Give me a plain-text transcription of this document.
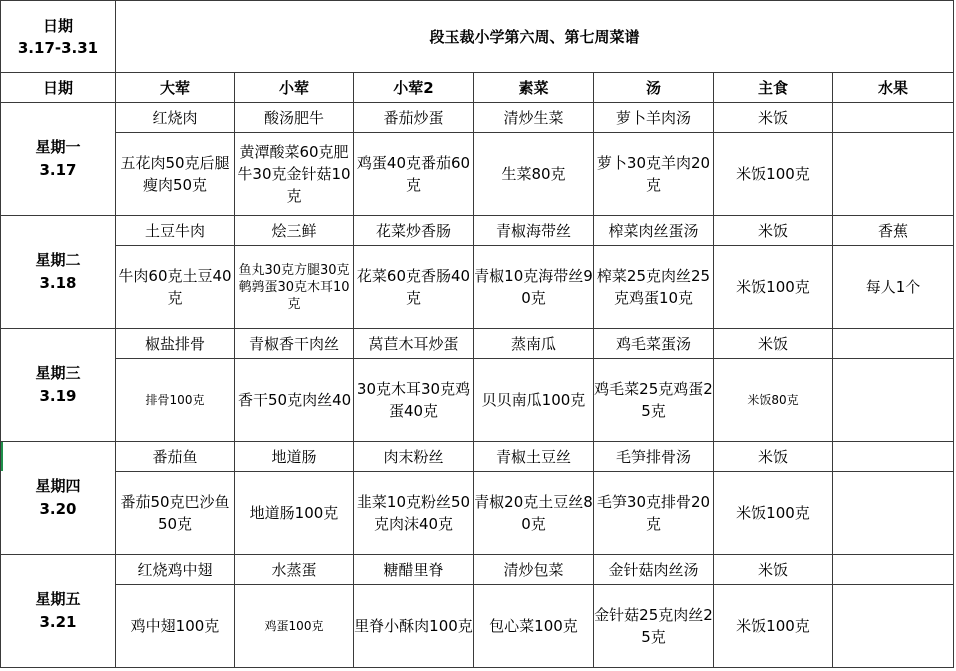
日期
3.17-3.31	段玉裁小学第六周、第七周菜谱						
日期	大荤	小荤	小荤2	素菜	汤	主食	水果

星期一
3.17	红烧肉	酸汤肥牛	番茄炒蛋	清炒生菜	萝卜羊肉汤	米饭	
	五花肉50克后腿瘦肉50克	黄潭酸菜60克肥牛30克金针菇10克	鸡蛋40克番茄60克	生菜80克	萝卜30克羊肉20克	米饭100克	

星期二
3.18	土豆牛肉	烩三鲜	花菜炒香肠	青椒海带丝	榨菜肉丝蛋汤	米饭	香蕉
	牛肉60克土豆40克	鱼丸30克方腿30克鹌鹑蛋30克木耳10克	花菜60克香肠40克	青椒10克海带丝90克	榨菜25克肉丝25克鸡蛋10克	米饭100克	每人1个

星期三
3.19	椒盐排骨	青椒香干肉丝	莴苣木耳炒蛋	蒸南瓜	鸡毛菜蛋汤	米饭	
	排骨100克	香干50克肉丝40	30克木耳30克鸡蛋40克	贝贝南瓜100克	鸡毛菜25克鸡蛋25克	米饭80克	

星期四
3.20	番茄鱼	地道肠	肉末粉丝	青椒土豆丝	毛笋排骨汤	米饭	
	番茄50克巴沙鱼50克	地道肠100克	韭菜10克粉丝50克肉沫40克	青椒20克土豆丝80克	毛笋30克排骨20克	米饭100克	

星期五
3.21	红烧鸡中翅	水蒸蛋	糖醋里脊	清炒包菜	金针菇肉丝汤	米饭	
	鸡中翅100克	鸡蛋100克	里脊小酥肉100克	包心菜100克	金针菇25克肉丝25克	米饭100克	
